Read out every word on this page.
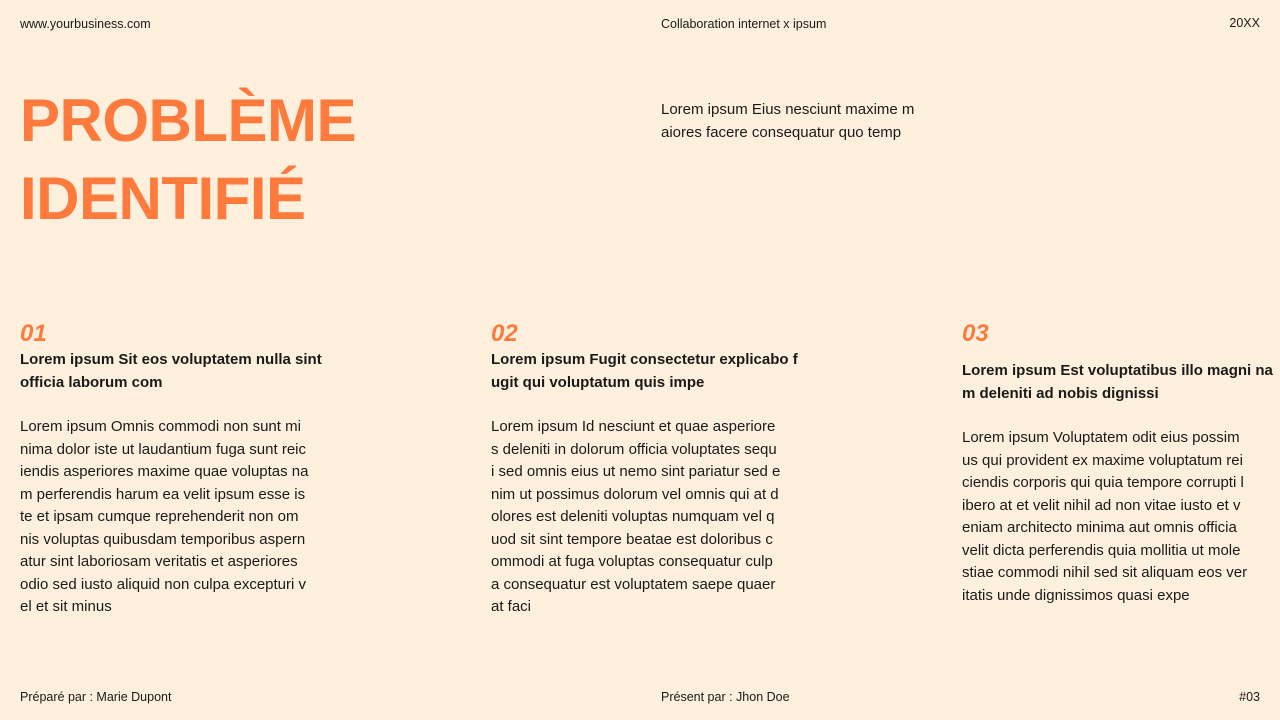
www.yourbusiness.com	Collaboration internet x ipsum	20XX
PROBLÈME
IDENTIFIÉ
Lorem ipsum Eius nesciunt maxime m
aiores facere consequatur quo temp
01
Lorem ipsum Sit eos voluptatem nulla sint
officia laborum com
Lorem ipsum Omnis commodi non sunt mi
nima dolor iste ut laudantium fuga sunt reic
iendis asperiores maxime quae voluptas na
m perferendis harum ea velit ipsum esse is
te et ipsam cumque reprehenderit non om
nis voluptas quibusdam temporibus aspern
atur sint laboriosam veritatis et asperiores
odio sed iusto aliquid non culpa excepturi v
el et sit minus
02
Lorem ipsum Fugit consectetur explicabo f
ugit qui voluptatum quis impe
Lorem ipsum Id nesciunt et quae asperiore
s deleniti in dolorum officia voluptates sequ
i sed omnis eius ut nemo sint pariatur sed e
nim ut possimus dolorum vel omnis qui at d
olores est deleniti voluptas numquam vel q
uod sit sint tempore beatae est doloribus c
ommodi at fuga voluptas consequatur culp
a consequatur est voluptatem saepe quaer
at faci
03
Lorem ipsum Est voluptatibus illo magni na
m deleniti ad nobis dignissi
Lorem ipsum Voluptatem odit eius possim
us qui provident ex maxime voluptatum rei
ciendis corporis qui quia tempore corrupti l
ibero at et velit nihil ad non vitae iusto et v
eniam architecto minima aut omnis officia
velit dicta perferendis quia mollitia ut mole
stiae commodi nihil sed sit aliquam eos ver
itatis unde dignissimos quasi expe
Préparé par : Marie Dupont	Présent par : Jhon Doe	#03
